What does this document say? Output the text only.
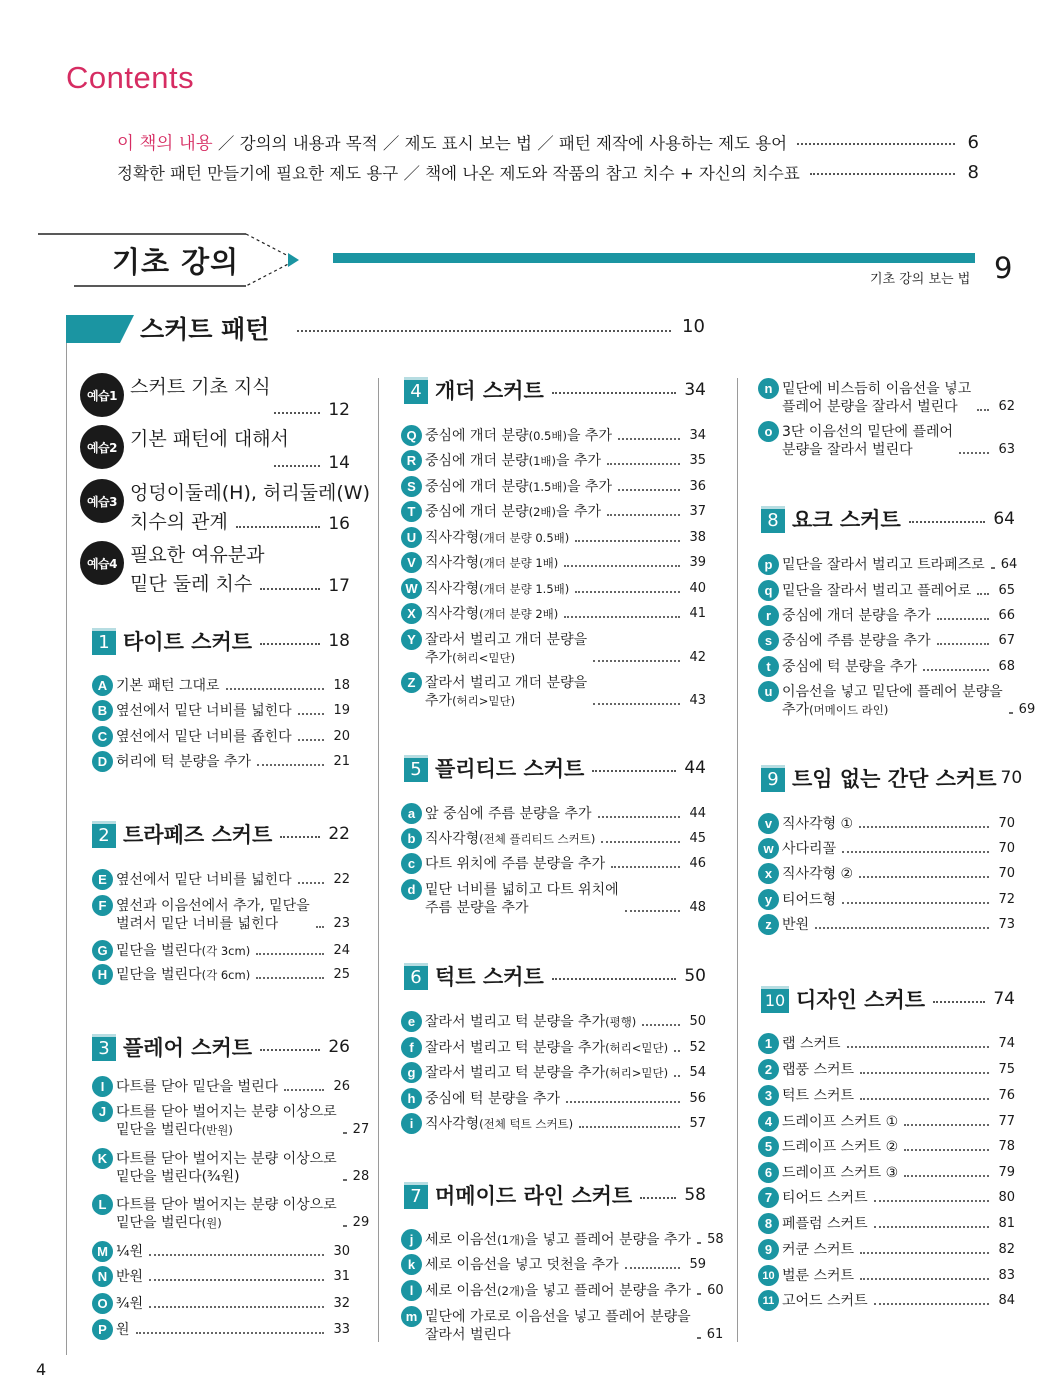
Contents
이 책의 내용 ／ 강의의 내용과 목적 ／ 제도 표시 보는 법 ／ 패턴 제작에 사용하는 제도 용어	6
정확한 패턴 만들기에 필요한 제도 용구 ／ 책에 나온 제도와 작품의 참고 치수 + 자신의 치수표	8
기초 강의
기초 강의 보는 법 9
스커트 패턴	10
예습1 스커트 기초 지식
12
예습2 기본 패턴에 대해서
14
예습3 엉덩이둘레(H), 허리둘레(W)
치수의 관계	16
예습4 필요한 여유분과
밑단 둘레 치수	17
1 타이트 스커트	18
2 트라페즈 스커트	22
3 플레어 스커트	26
4 개더 스커트	34
5 플리티드 스커트	44
6 턱트 스커트	50
7 머메이드 라인 스커트	58
8 요크 스커트	64
9 트임 없는 간단 스커트 70
10 디자인 스커트	74
A 기본 패턴 그대로	18
B 옆선에서 밑단 너비를 넓힌다	19
C 옆선에서 밑단 너비를 좁힌다	20
D 허리에 턱 분량을 추가	21
E 옆선에서 밑단 너비를 넓힌다	22
F 옆선과 이음선에서 추가, 밑단을
벌려서 밑단 너비를 넓힌다	23
G 밑단을 벌린다(각 3cm)	24
H 밑단을 벌린다(각 6cm)	25
I 다트를 닫아 밑단을 벌린다	26
J 다트를 닫아 벌어지는 분량 이상으로
밑단을 벌린다(반원)	27
K 다트를 닫아 벌어지는 분량 이상으로
밑단을 벌린다(¾원)	28
L 다트를 닫아 벌어지는 분량 이상으로
밑단을 벌린다(원)	29
M ¼원	30
N 반원	31
O ¾원	32
P 원	33
Q 중심에 개더 분량(0.5배)을 추가	34
R 중심에 개더 분량(1배)을 추가	35
S 중심에 개더 분량(1.5배)을 추가	36
T 중심에 개더 분량(2배)을 추가	37
U 직사각형(개더 분량 0.5배)	38
V 직사각형(개더 분량 1배)	39
W 직사각형(개더 분량 1.5배)	40
X 직사각형(개더 분량 2배)	41
Y 잘라서 벌리고 개더 분량을
추가(허리<밑단)	42
Z 잘라서 벌리고 개더 분량을
추가(허리>밑단)	43
a 앞 중심에 주름 분량을 추가	44
b 직사각형(전체 플리티드 스커트)	45
c 다트 위치에 주름 분량을 추가	46
d 밑단 너비를 넓히고 다트 위치에
주름 분량을 추가	48
e 잘라서 벌리고 턱 분량을 추가(평행)	50
f 잘라서 벌리고 턱 분량을 추가(허리<밑단) 52
g 잘라서 벌리고 턱 분량을 추가(허리>밑단) 54
h 중심에 턱 분량을 추가	56
i 직사각형(전체 턱트 스커트)	57
j 세로 이음선(1개)을 넣고 플레어 분량을 추가 58
k 세로 이음선을 넣고 덧천을 추가	59
l 세로 이음선(2개)을 넣고 플레어 분량을 추가 60
m 밑단에 가로로 이음선을 넣고 플레어 분량을
잘라서 벌린다	61
n 밑단에 비스듬히 이음선을 넣고
플레어 분량을 잘라서 벌린다	62
o 3단 이음선의 밑단에 플레어
분량을 잘라서 벌린다	63
p 밑단을 잘라서 벌리고 트라페즈로 64
q 밑단을 잘라서 벌리고 플레어로 65
r 중심에 개더 분량을 추가	66
s 중심에 주름 분량을 추가	67
t 중심에 턱 분량을 추가	68
u 이음선을 넣고 밑단에 플레어 분량을
추가(머메이드 라인)	69
v 직사각형 ①	70
w 사다리꼴	70
x 직사각형 ②	70
y 티어드형	72
z 반원	73
1 랩 스커트	74
2 랩풍 스커트	75
3 턱트 스커트	76
4 드레이프 스커트 ①	77
5 드레이프 스커트 ②	78
6 드레이프 스커트 ③	79
7 티어드 스커트	80
8 페플럼 스커트	81
9 커쿤 스커트	82
10 벌룬 스커트	83
11 고어드 스커트	84
4
